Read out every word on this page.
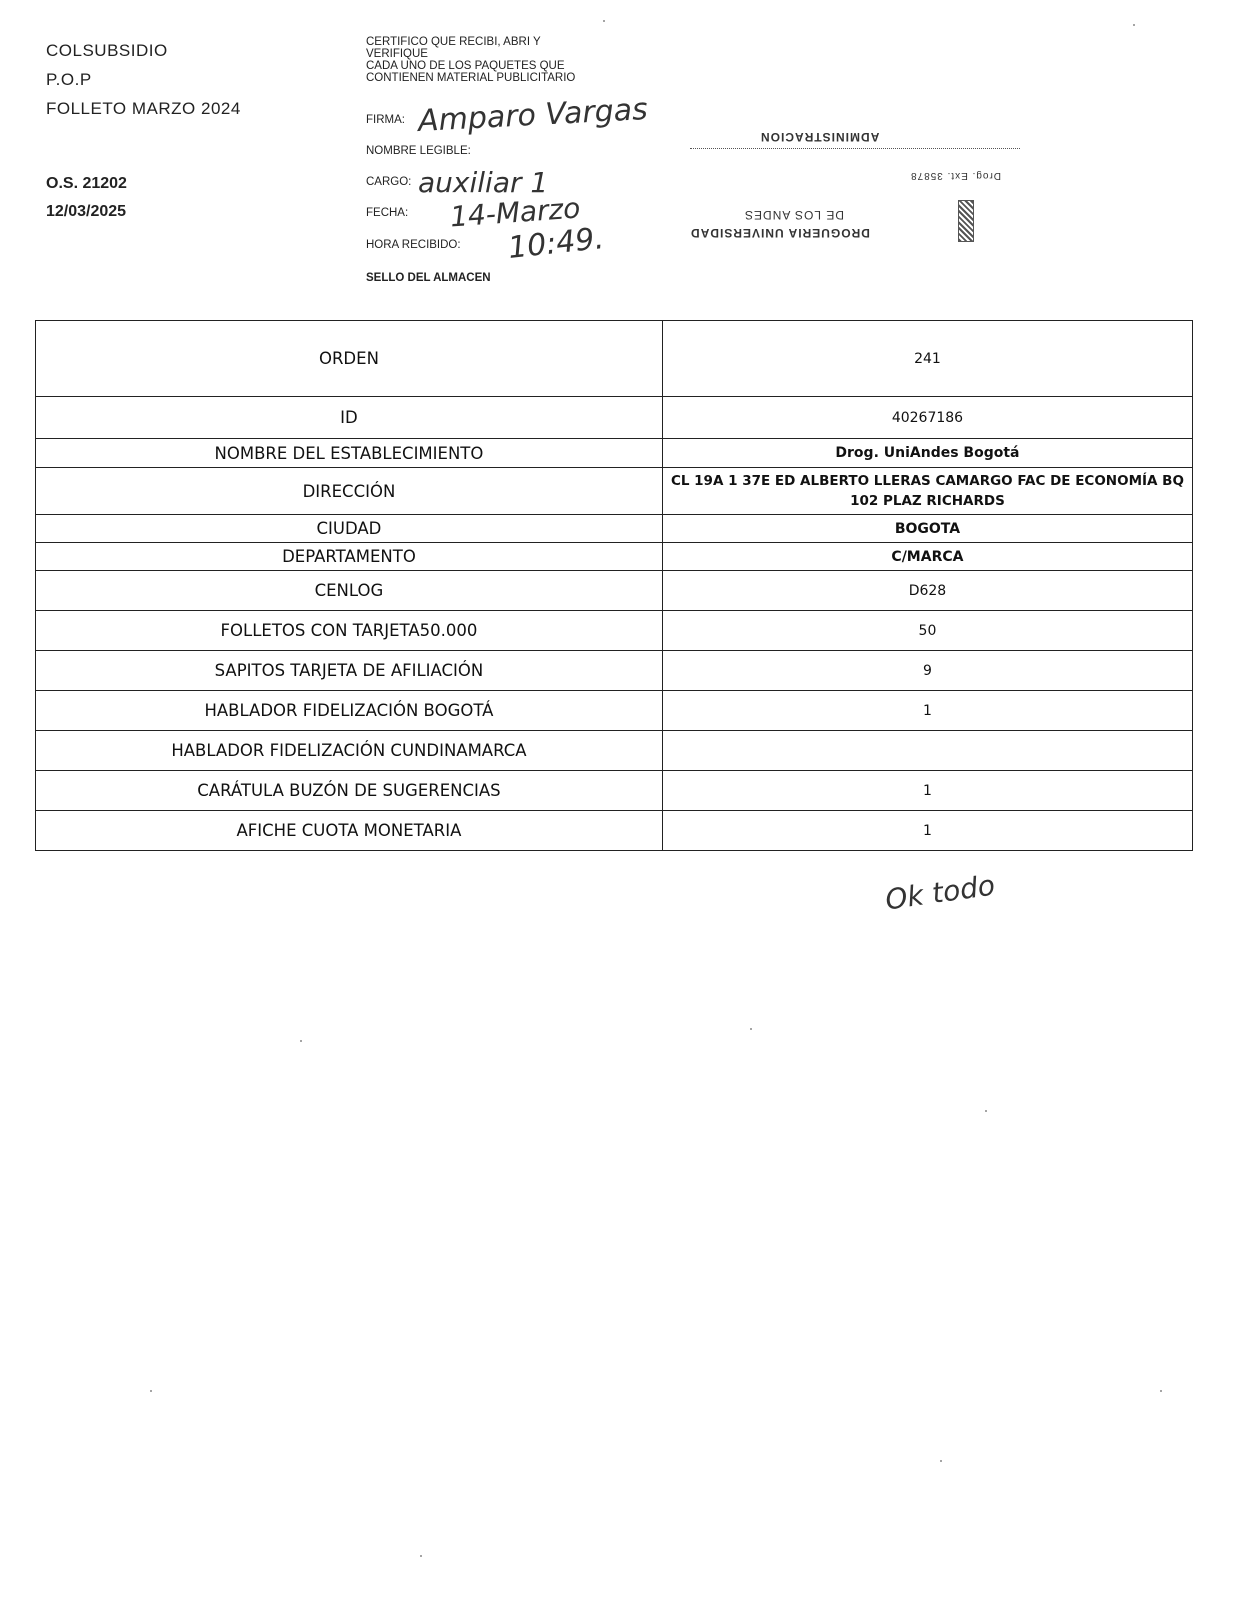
COLSUBSIDIO
P.O.P
FOLLETO MARZO 2024
O.S. 21202
12/03/2025
CERTIFICO QUE RECIBI, ABRI Y
VERIFIQUE
CADA UNO DE LOS PAQUETES QUE
CONTIENEN MATERIAL PUBLICITARIO
FIRMA:
NOMBRE LEGIBLE:
CARGO:
FECHA:
HORA RECIBIDO:
SELLO DEL ALMACEN
Amparo Vargas
auxiliar 1
14-Marzo
10:49.
ADMINISTRACION
Drog. Ext. 35878
DE LOS ANDES
DROGUERIA UNIVERSIDAD
ORDEN	241
ID	40267186
NOMBRE DEL ESTABLECIMIENTO	Drog. UniAndes Bogotá
DIRECCIÓN	CL 19A 1 37E ED ALBERTO LLERAS CAMARGO FAC DE ECONOMÍA BQ 102 PLAZ RICHARDS
CIUDAD	BOGOTA
DEPARTAMENTO	C/MARCA
CENLOG	D628
FOLLETOS CON TARJETA50.000	50
SAPITOS TARJETA DE AFILIACIÓN	9
HABLADOR FIDELIZACIÓN BOGOTÁ	1
HABLADOR FIDELIZACIÓN CUNDINAMARCA	
CARÁTULA BUZÓN DE SUGERENCIAS	1
AFICHE CUOTA MONETARIA	1
Ok todo
